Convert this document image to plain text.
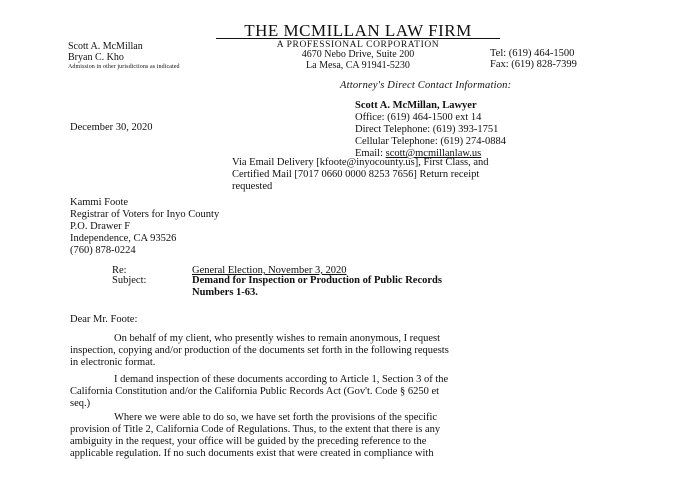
THE MCMILLAN LAW FIRM
A PROFESSIONAL CORPORATION
4670 Nebo Drive, Suite 200
La Mesa, CA 91941-5230
Scott A. McMillan
Bryan C. Kho
Admission in other jurisdictions as indicated
Tel: (619) 464-1500
Fax: (619) 828-7399
Attorney's Direct Contact Information:
Scott A. McMillan, Lawyer
Office: (619) 464-1500 ext 14
Direct Telephone: (619) 393-1751
Cellular Telephone: (619) 274-0884
Email: scott@mcmillanlaw.us
December 30, 2020
Via Email Delivery [kfoote@inyocounty.us], First Class, and
Certified Mail [7017 0660 0000 8253 7656] Return receipt
requested
Kammi Foote
Registrar of Voters for Inyo County
P.O. Drawer F
Independence, CA 93526
(760) 878-0224
Re:	General Election, November 3, 2020
Subject:	Demand for Inspection or Production of Public Records
Numbers 1-63.
Dear Mr. Foote:
On behalf of my client, who presently wishes to remain anonymous, I request
inspection, copying and/or production of the documents set forth in the following requests
in electronic format.
I demand inspection of these documents according to Article 1, Section 3 of the
California Constitution and/or the California Public Records Act (Gov't. Code § 6250 et
seq.)
Where we were able to do so, we have set forth the provisions of the specific
provision of Title 2, California Code of Regulations. Thus, to the extent that there is any
ambiguity in the request, your office will be guided by the preceding reference to the
applicable regulation. If no such documents exist that were created in compliance with
